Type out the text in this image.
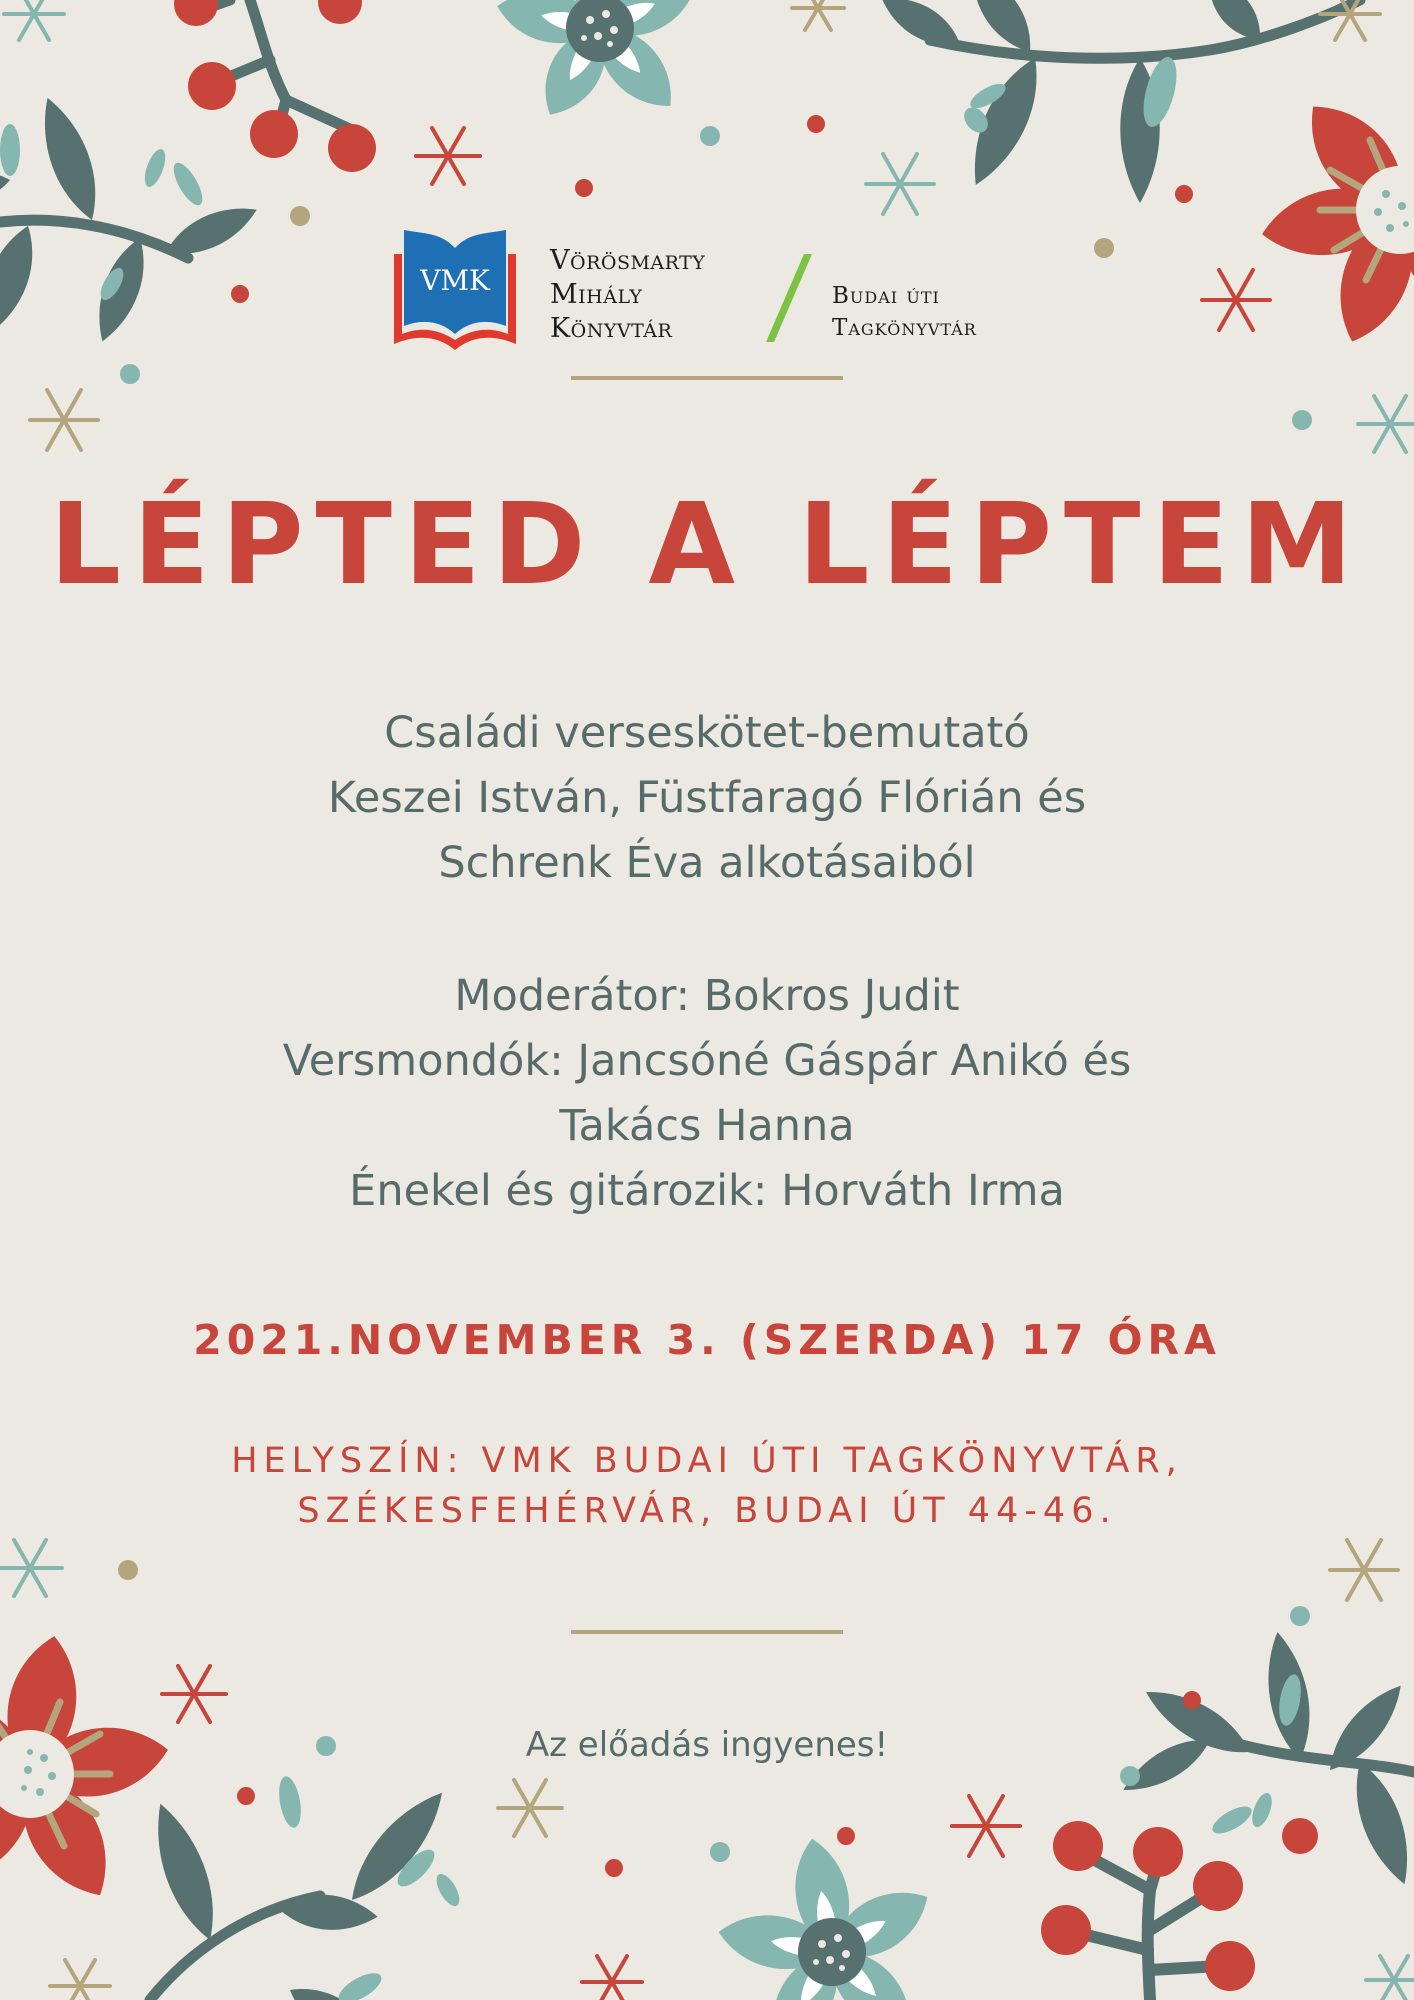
VMK
Vörösmarty
Mihály
Könyvtár
Budai úti
Tagkönyvtár
LÉPTED A LÉPTEM
Családi verseskötet-bemutató
Keszei István, Füstfaragó Flórián és
Schrenk Éva alkotásaiból
Moderátor: Bokros Judit
Versmondók: Jancsóné Gáspár Anikó és
Takács Hanna
Énekel és gitározik: Horváth Irma
2021.NOVEMBER 3. (SZERDA) 17 ÓRA
HELYSZÍN: VMK BUDAI ÚTI TAGKÖNYVTÁR,
SZÉKESFEHÉRVÁR, BUDAI ÚT 44-46.
Az előadás ingyenes!
